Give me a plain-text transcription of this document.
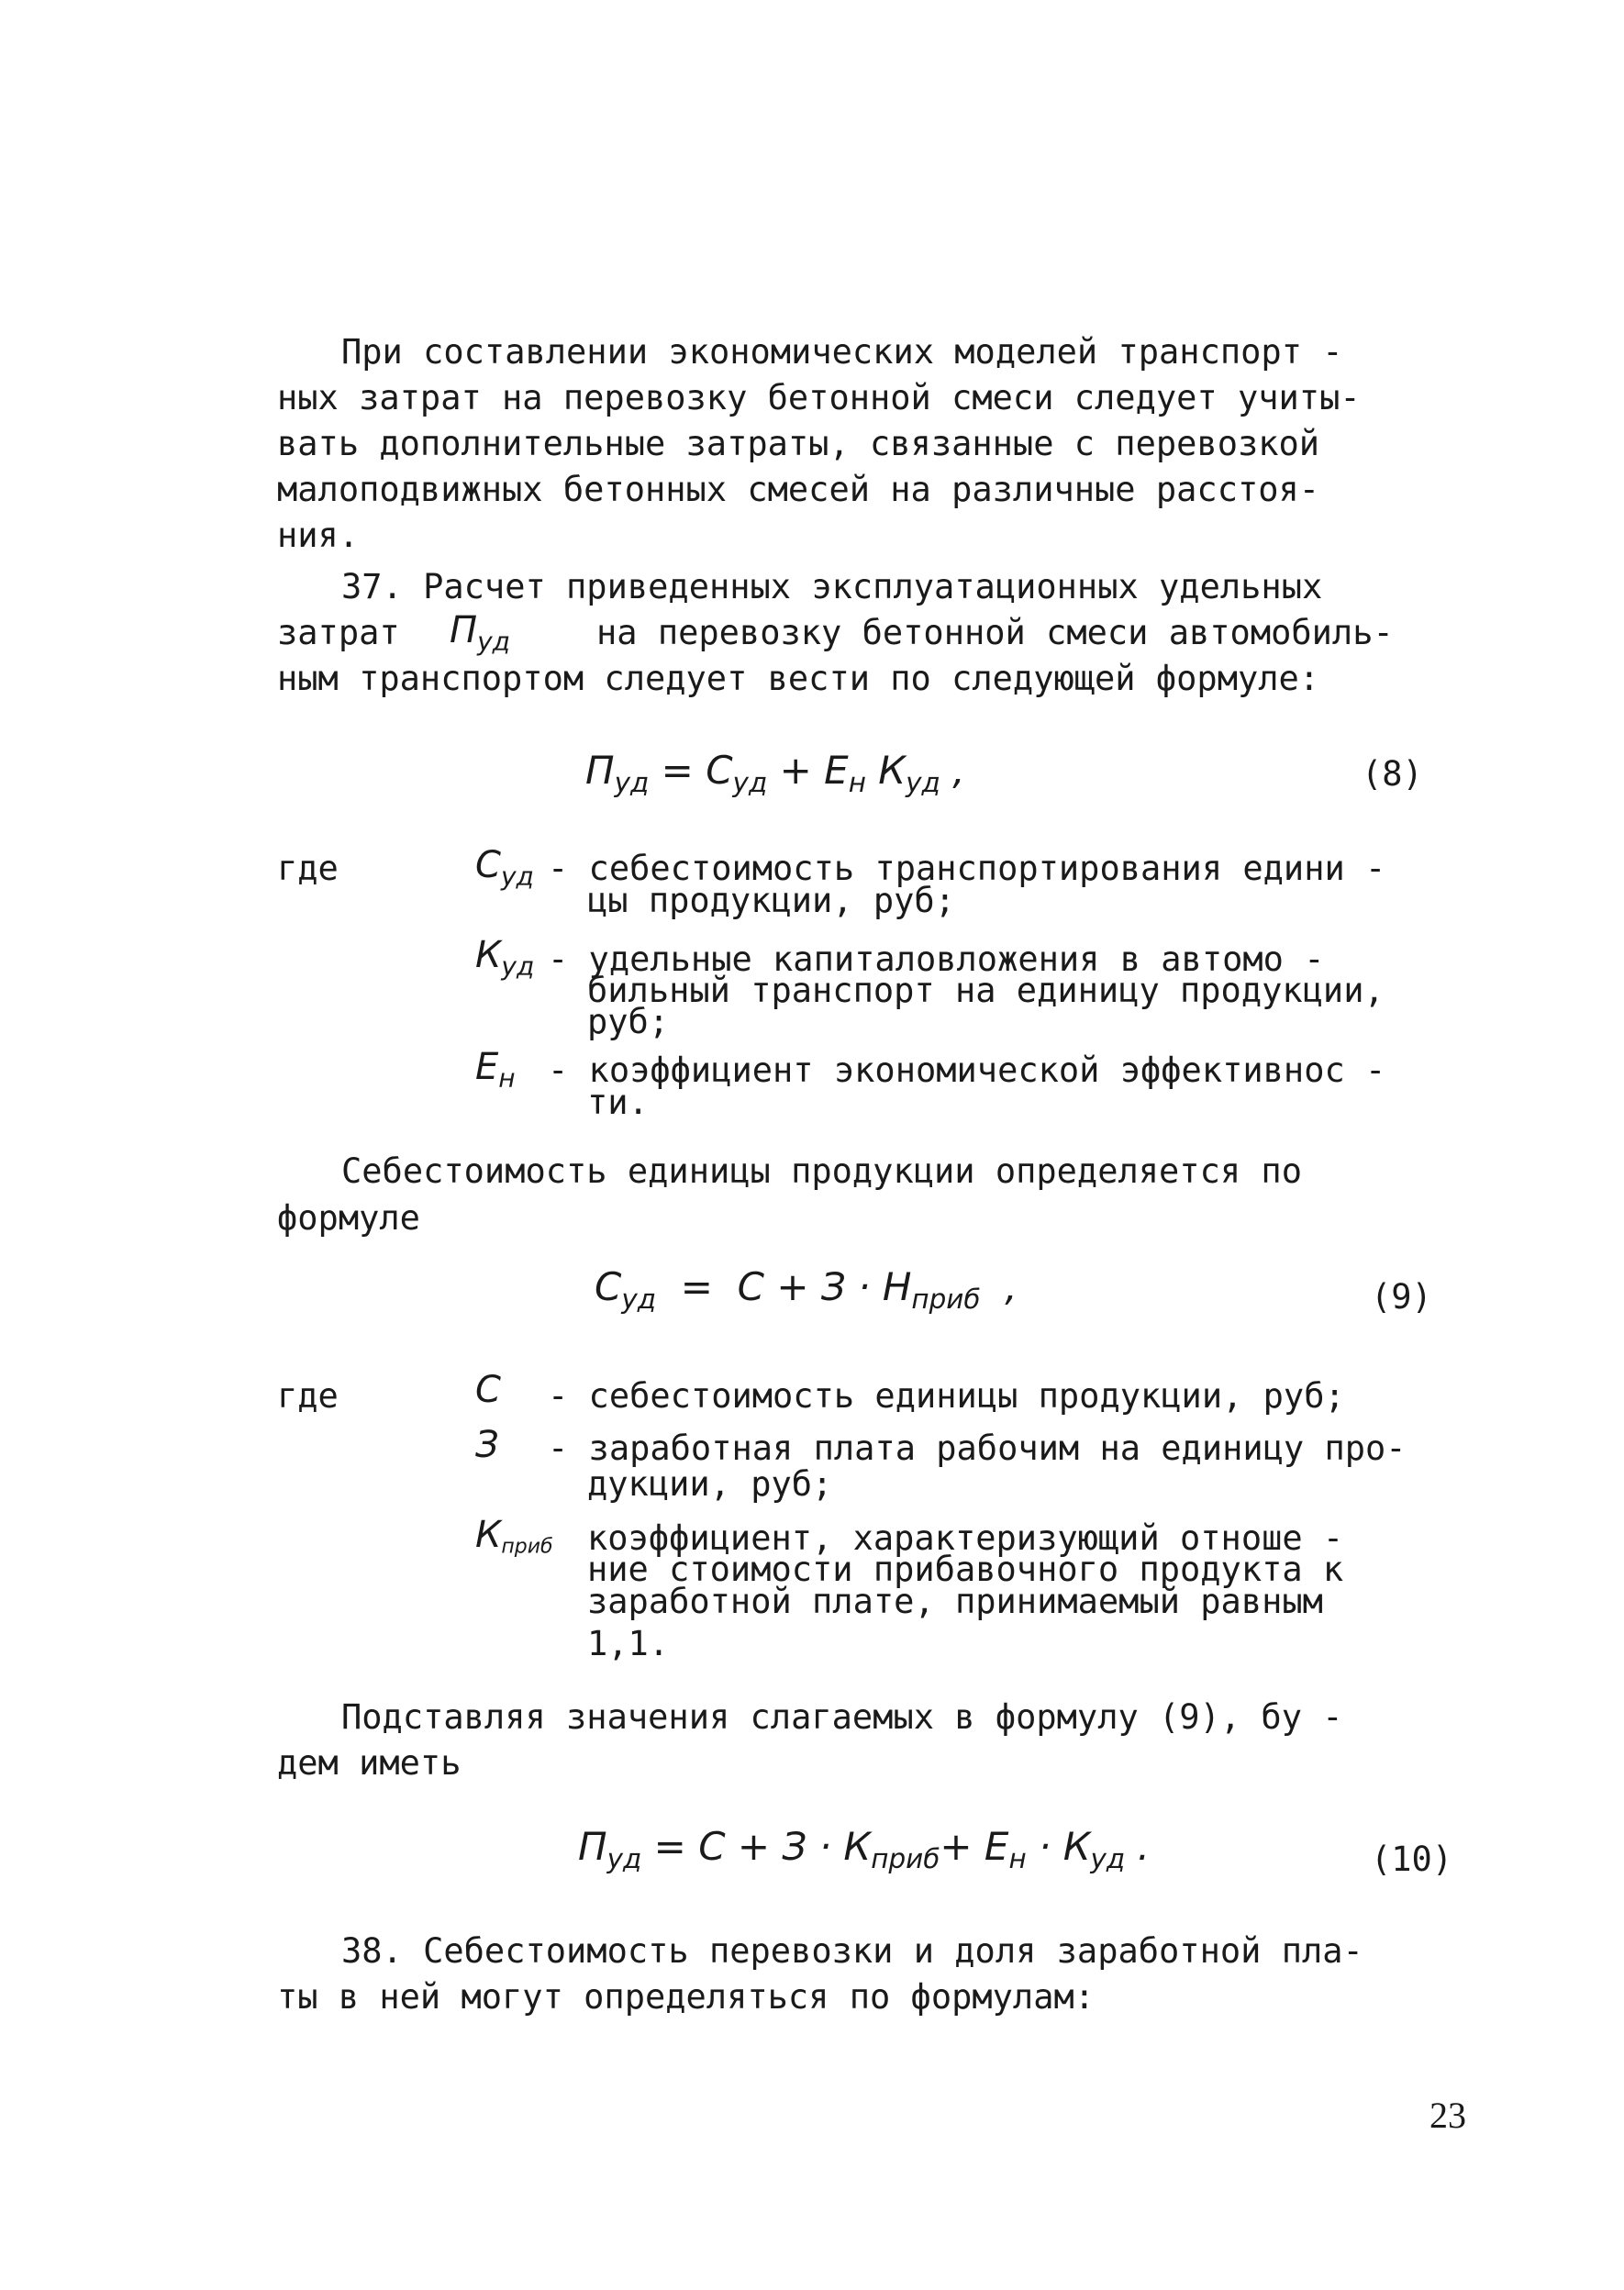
При составлении экономических моделей транспорт -
ных затрат на перевозку бетонной смеси следует учиты-
вать дополнительные затраты, связанные с перевозкой
малоподвижных бетонных смесей на различные расстоя-
ния.
37. Расчет приведенных эксплуатационных удельных
затрат $П_{уд}$	на перевозку бетонной смеси автомобиль-
ным транспортом следует вести по следующей формуле:
$П_{уд} = С_{уд} + Е_н$ $К_{уд}$ ,	(8)
где	$С_{уд}$ - себестоимость транспортирования едини -
цы продукции, руб;
$К_{уд}$ - удельные капиталовложения в автомо -
бильный транспорт на единицу продукции,
руб;
$Е_н$ - коэффициент экономической эффективнос -
ти.
Себестоимость единицы продукции определяется по
формуле
$С_{уд} = С + З \cdot Н_{приб}$  ,	(9)
где	С - себестоимость единицы продукции, руб;
З - заработная плата рабочим на единицу про-
дукции, руб;
$К_{приб}$ коэффициент, характеризующий отноше -
ние стоимости прибавочного продукта к
заработной плате, принимаемый равным
1,1.
Подставляя значения слагаемых в формулу (9), бу -
дем иметь
$П_{уд} = С + З \cdot К_{приб}+ Е_н \cdot К_{уд}$ .	(10)
38. Себестоимость перевозки и доля заработной пла-
ты в ней могут определяться по формулам:
23
